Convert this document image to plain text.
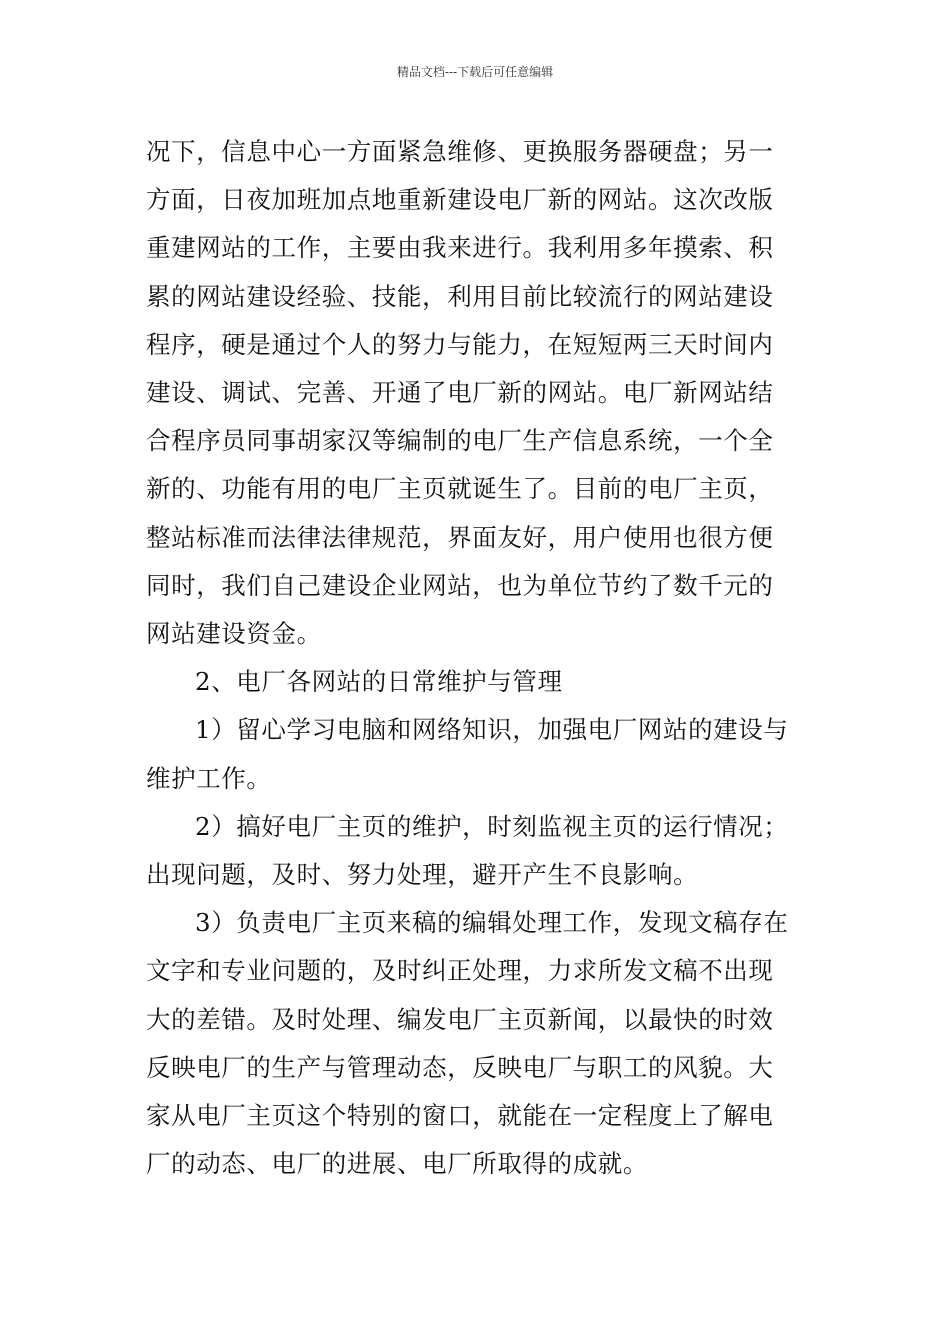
精品文档---下载后可任意编辑
况下，信息中心一方面紧急维修、更换服务器硬盘；另一
方面，日夜加班加点地重新建设电厂新的网站。这次改版
重建网站的工作，主要由我来进行。我利用多年摸索、积
累的网站建设经验、技能，利用目前比较流行的网站建设
程序，硬是通过个人的努力与能力，在短短两三天时间内
建设、调试、完善、开通了电厂新的网站。电厂新网站结
合程序员同事胡家汉等编制的电厂生产信息系统，一个全
新的、功能有用的电厂主页就诞生了。目前的电厂主页，
整站标准而法律法律规范，界面友好，用户使用也很方便
同时，我们自己建设企业网站，也为单位节约了数千元的
网站建设资金。
2、电厂各网站的日常维护与管理
1）留心学习电脑和网络知识，加强电厂网站的建设与
维护工作。
2）搞好电厂主页的维护，时刻监视主页的运行情况；
出现问题，及时、努力处理，避开产生不良影响。
3）负责电厂主页来稿的编辑处理工作，发现文稿存在
文字和专业问题的，及时纠正处理，力求所发文稿不出现
大的差错。及时处理、编发电厂主页新闻，以最快的时效
反映电厂的生产与管理动态，反映电厂与职工的风貌。大
家从电厂主页这个特别的窗口，就能在一定程度上了解电
厂的动态、电厂的进展、电厂所取得的成就。
